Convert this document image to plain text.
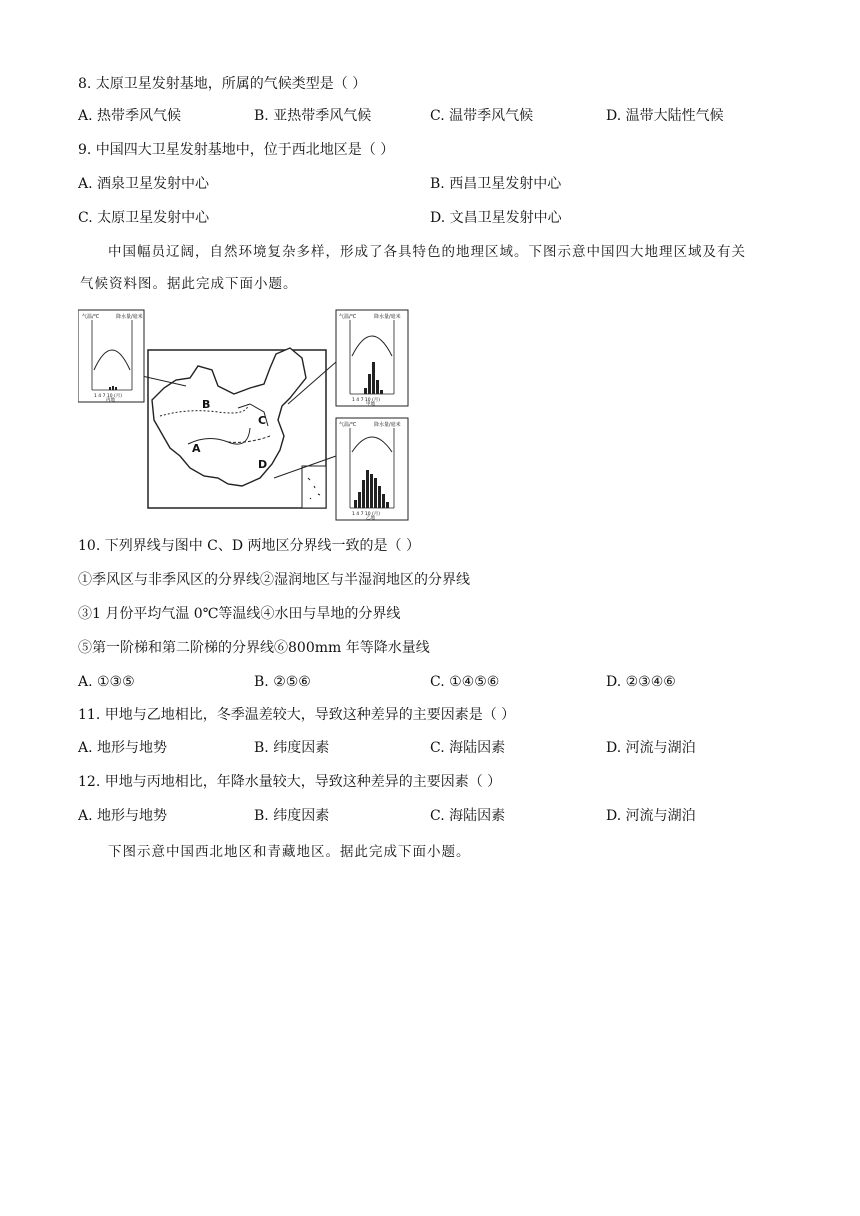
8. 太原卫星发射基地，所属的气候类型是（ ）
A. 热带季风气候	B. 亚热带季风气候	C. 温带季风气候	D. 温带大陆性气候
9. 中国四大卫星发射基地中，位于西北地区是（ ）
A. 酒泉卫星发射中心	B. 西昌卫星发射中心
C. 太原卫星发射中心	D. 文昌卫星发射中心
中国幅员辽阔，自然环境复杂多样，形成了各具特色的地理区域。下图示意中国四大地理区域及有关
气候资料图。据此完成下面小题。
A
B
C
D
气温/℃	降水量/毫米
1 4 7 10 (月)
丙地
气温/℃	降水量/毫米
1 4 7 10 (月)
甲地
气温/℃	降水量/毫米
1 4 7 10 (月)
乙地
10. 下列界线与图中 C、D 两地区分界线一致的是（ ）
①季风区与非季风区的分界线②湿润地区与半湿润地区的分界线
③1 月份平均气温 0℃等温线④水田与旱地的分界线
⑤第一阶梯和第二阶梯的分界线⑥800mm 年等降水量线
A. ①③⑤	B. ②⑤⑥	C. ①④⑤⑥	D. ②③④⑥
11. 甲地与乙地相比，冬季温差较大，导致这种差异的主要因素是（ ）
A. 地形与地势	B. 纬度因素	C. 海陆因素	D. 河流与湖泊
12. 甲地与丙地相比，年降水量较大，导致这种差异的主要因素（ ）
A. 地形与地势	B. 纬度因素	C. 海陆因素	D. 河流与湖泊
下图示意中国西北地区和青藏地区。据此完成下面小题。
